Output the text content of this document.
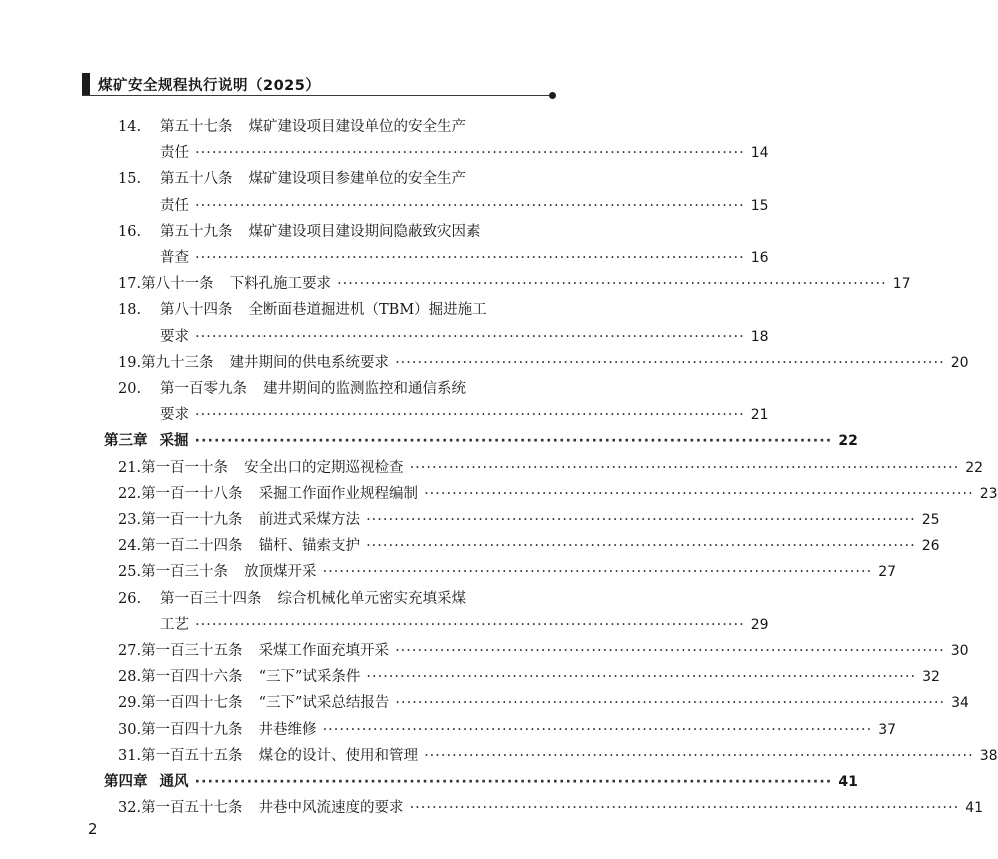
煤矿安全规程执行说明（2025）
14.	第五十七条 煤矿建设项目建设单位的安全生产
责任 ·································································································· 14
15.	第五十八条 煤矿建设项目参建单位的安全生产
责任 ·································································································· 15
16.	第五十九条 煤矿建设项目建设期间隐蔽致灾因素
普查 ·································································································· 16
17. 第八十一条 下料孔施工要求 ·································································································· 17
18.	第八十四条 全断面巷道掘进机（TBM）掘进施工
要求 ·································································································· 18
19. 第九十三条 建井期间的供电系统要求 ·································································································· 20
20.	第一百零九条 建井期间的监测监控和通信系统
要求 ·································································································· 21
第三章 采掘 ·································································································· 22
21. 第一百一十条 安全出口的定期巡视检查 ·································································································· 22
22. 第一百一十八条 采掘工作面作业规程编制 ·································································································· 23
23. 第一百一十九条 前进式采煤方法 ·································································································· 25
24. 第一百二十四条 锚杆、锚索支护 ·································································································· 26
25. 第一百三十条 放顶煤开采 ·································································································· 27
26.	第一百三十四条 综合机械化单元密实充填采煤
工艺 ·································································································· 29
27. 第一百三十五条 采煤工作面充填开采 ·································································································· 30
28. 第一百四十六条 “三下”试采条件 ·································································································· 32
29. 第一百四十七条 “三下”试采总结报告 ·································································································· 34
30. 第一百四十九条 井巷维修 ·································································································· 37
31. 第一百五十五条 煤仓的设计、使用和管理 ·································································································· 38
第四章 通风 ·································································································· 41
32. 第一百五十七条 井巷中风流速度的要求 ·································································································· 41
2
